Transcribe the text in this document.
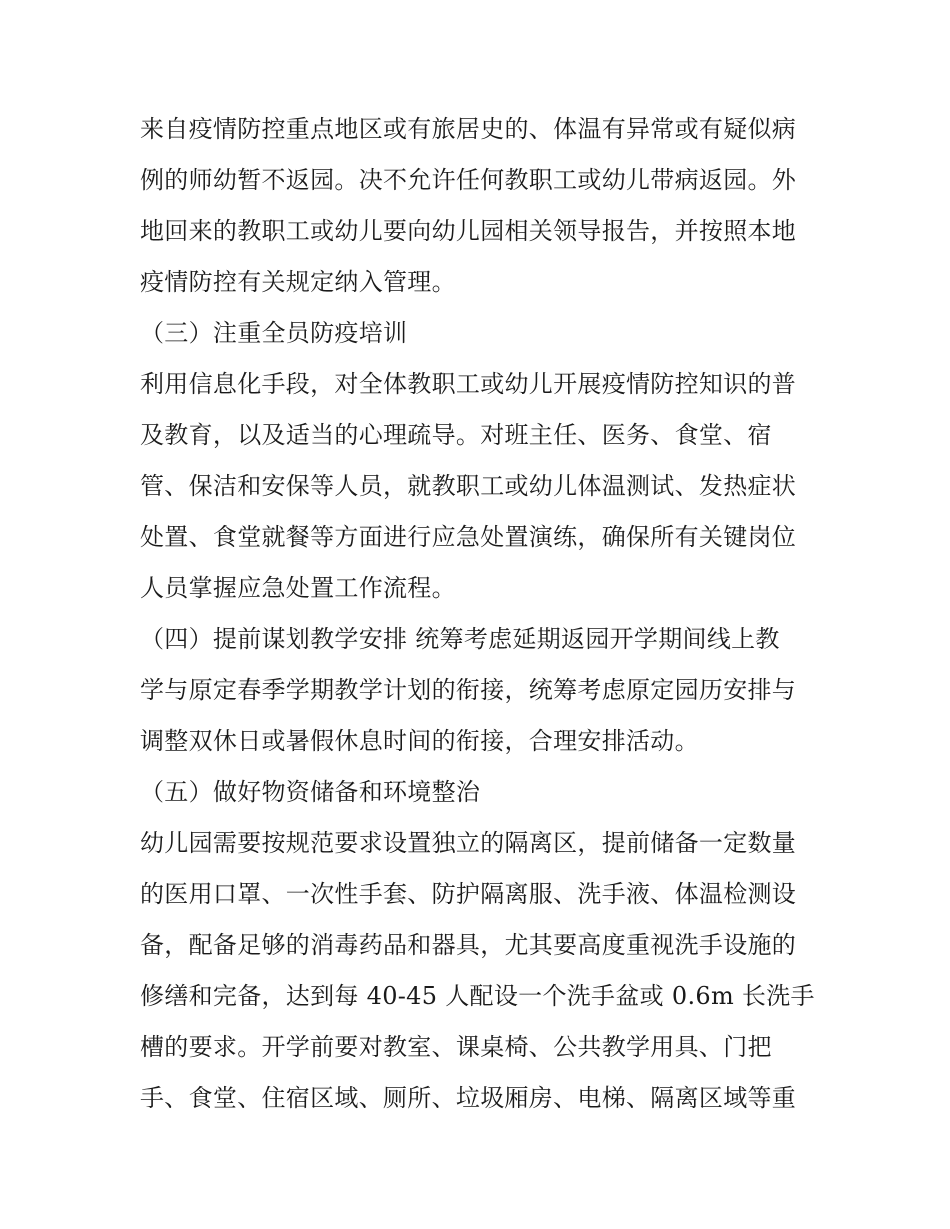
来自疫情防控重点地区或有旅居史的、体温有异常或有疑似病
例的师幼暂不返园。决不允许任何教职工或幼儿带病返园。外
地回来的教职工或幼儿要向幼儿园相关领导报告，并按照本地
疫情防控有关规定纳入管理。
（三）注重全员防疫培训
利用信息化手段，对全体教职工或幼儿开展疫情防控知识的普
及教育，以及适当的心理疏导。对班主任、医务、食堂、宿
管、保洁和安保等人员，就教职工或幼儿体温测试、发热症状
处置、食堂就餐等方面进行应急处置演练，确保所有关键岗位
人员掌握应急处置工作流程。
（四）提前谋划教学安排 统筹考虑延期返园开学期间线上教
学与原定春季学期教学计划的衔接，统筹考虑原定园历安排与
调整双休日或暑假休息时间的衔接，合理安排活动。
（五）做好物资储备和环境整治
幼儿园需要按规范要求设置独立的隔离区，提前储备一定数量
的医用口罩、一次性手套、防护隔离服、洗手液、体温检测设
备，配备足够的消毒药品和器具，尤其要高度重视洗手设施的
修缮和完备，达到每 40-45 人配设一个洗手盆或 0.6m 长洗手
槽的要求。开学前要对教室、课桌椅、公共教学用具、门把
手、食堂、住宿区域、厕所、垃圾厢房、电梯、隔离区域等重
